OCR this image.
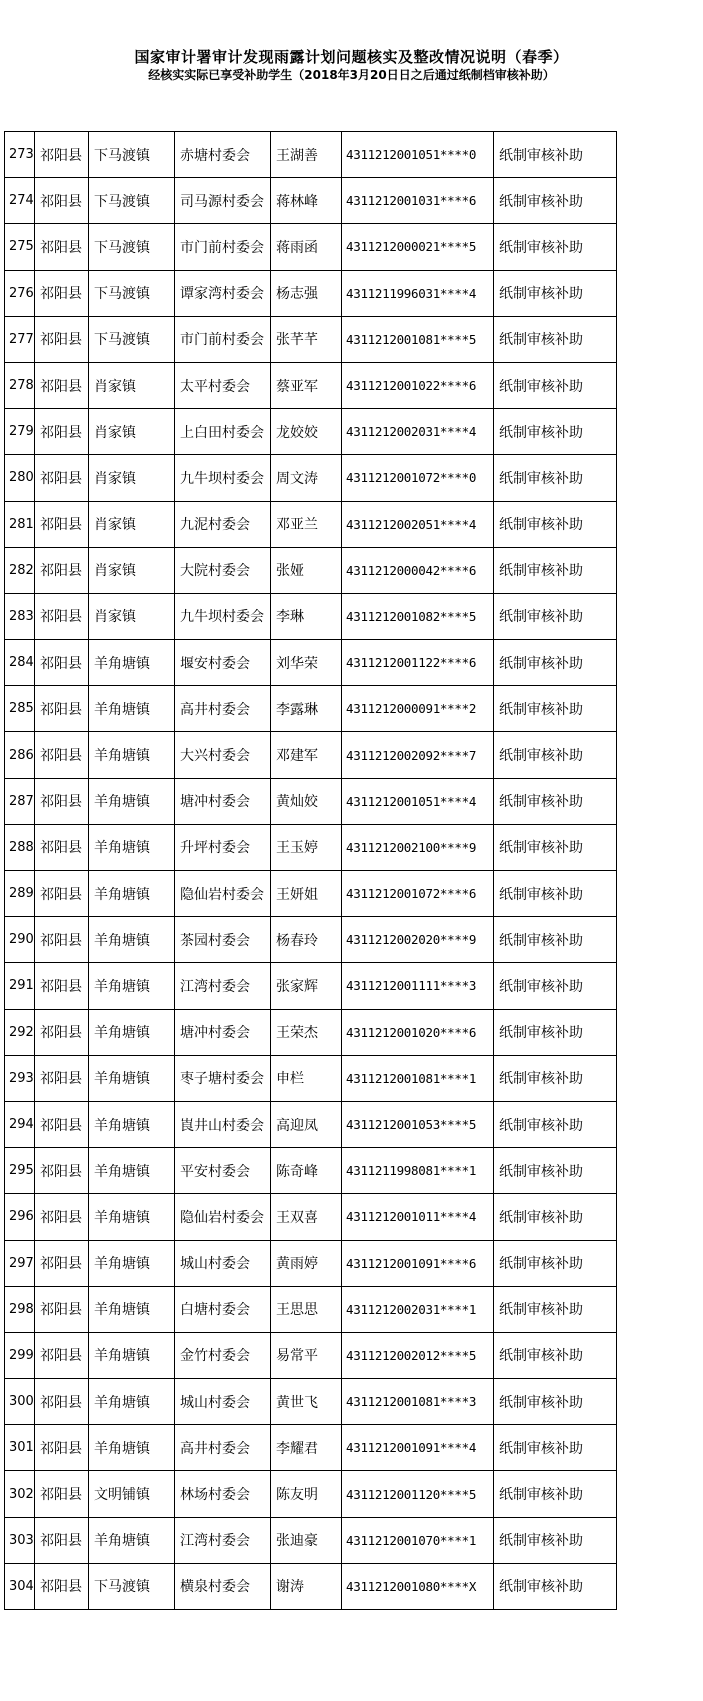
国家审计署审计发现雨露计划问题核实及整改情况说明（春季）
经核实实际已享受补助学生（2018年3月20日日之后通过纸制档审核补助）
273	祁阳县	下马渡镇	赤塘村委会	王湖善	4311212001051****0	纸制审核补助
274	祁阳县	下马渡镇	司马源村委会	蒋林峰	4311212001031****6	纸制审核补助
275	祁阳县	下马渡镇	市门前村委会	蒋雨函	4311212000021****5	纸制审核补助
276	祁阳县	下马渡镇	谭家湾村委会	杨志强	4311211996031****4	纸制审核补助
277	祁阳县	下马渡镇	市门前村委会	张芊芊	4311212001081****5	纸制审核补助
278	祁阳县	肖家镇	太平村委会	蔡亚军	4311212001022****6	纸制审核补助
279	祁阳县	肖家镇	上白田村委会	龙姣姣	4311212002031****4	纸制审核补助
280	祁阳县	肖家镇	九牛坝村委会	周文涛	4311212001072****0	纸制审核补助
281	祁阳县	肖家镇	九泥村委会	邓亚兰	4311212002051****4	纸制审核补助
282	祁阳县	肖家镇	大院村委会	张娅	4311212000042****6	纸制审核补助
283	祁阳县	肖家镇	九牛坝村委会	李琳	4311212001082****5	纸制审核补助
284	祁阳县	羊角塘镇	堰安村委会	刘华荣	4311212001122****6	纸制审核补助
285	祁阳县	羊角塘镇	高井村委会	李露琳	4311212000091****2	纸制审核补助
286	祁阳县	羊角塘镇	大兴村委会	邓建军	4311212002092****7	纸制审核补助
287	祁阳县	羊角塘镇	塘冲村委会	黄灿姣	4311212001051****4	纸制审核补助
288	祁阳县	羊角塘镇	升坪村委会	王玉婷	4311212002100****9	纸制审核补助
289	祁阳县	羊角塘镇	隐仙岩村委会	王妍姐	4311212001072****6	纸制审核补助
290	祁阳县	羊角塘镇	茶园村委会	杨春玲	4311212002020****9	纸制审核补助
291	祁阳县	羊角塘镇	江湾村委会	张家辉	4311212001111****3	纸制审核补助
292	祁阳县	羊角塘镇	塘冲村委会	王荣杰	4311212001020****6	纸制审核补助
293	祁阳县	羊角塘镇	枣子塘村委会	申栏	4311212001081****1	纸制审核补助
294	祁阳县	羊角塘镇	崀井山村委会	高迎凤	4311212001053****5	纸制审核补助
295	祁阳县	羊角塘镇	平安村委会	陈奇峰	4311211998081****1	纸制审核补助
296	祁阳县	羊角塘镇	隐仙岩村委会	王双喜	4311212001011****4	纸制审核补助
297	祁阳县	羊角塘镇	城山村委会	黄雨婷	4311212001091****6	纸制审核补助
298	祁阳县	羊角塘镇	白塘村委会	王思思	4311212002031****1	纸制审核补助
299	祁阳县	羊角塘镇	金竹村委会	易常平	4311212002012****5	纸制审核补助
300	祁阳县	羊角塘镇	城山村委会	黄世飞	4311212001081****3	纸制审核补助
301	祁阳县	羊角塘镇	高井村委会	李耀君	4311212001091****4	纸制审核补助
302	祁阳县	文明铺镇	林场村委会	陈友明	4311212001120****5	纸制审核补助
303	祁阳县	羊角塘镇	江湾村委会	张迪豪	4311212001070****1	纸制审核补助
304	祁阳县	下马渡镇	横泉村委会	谢涛	4311212001080****X	纸制审核补助
